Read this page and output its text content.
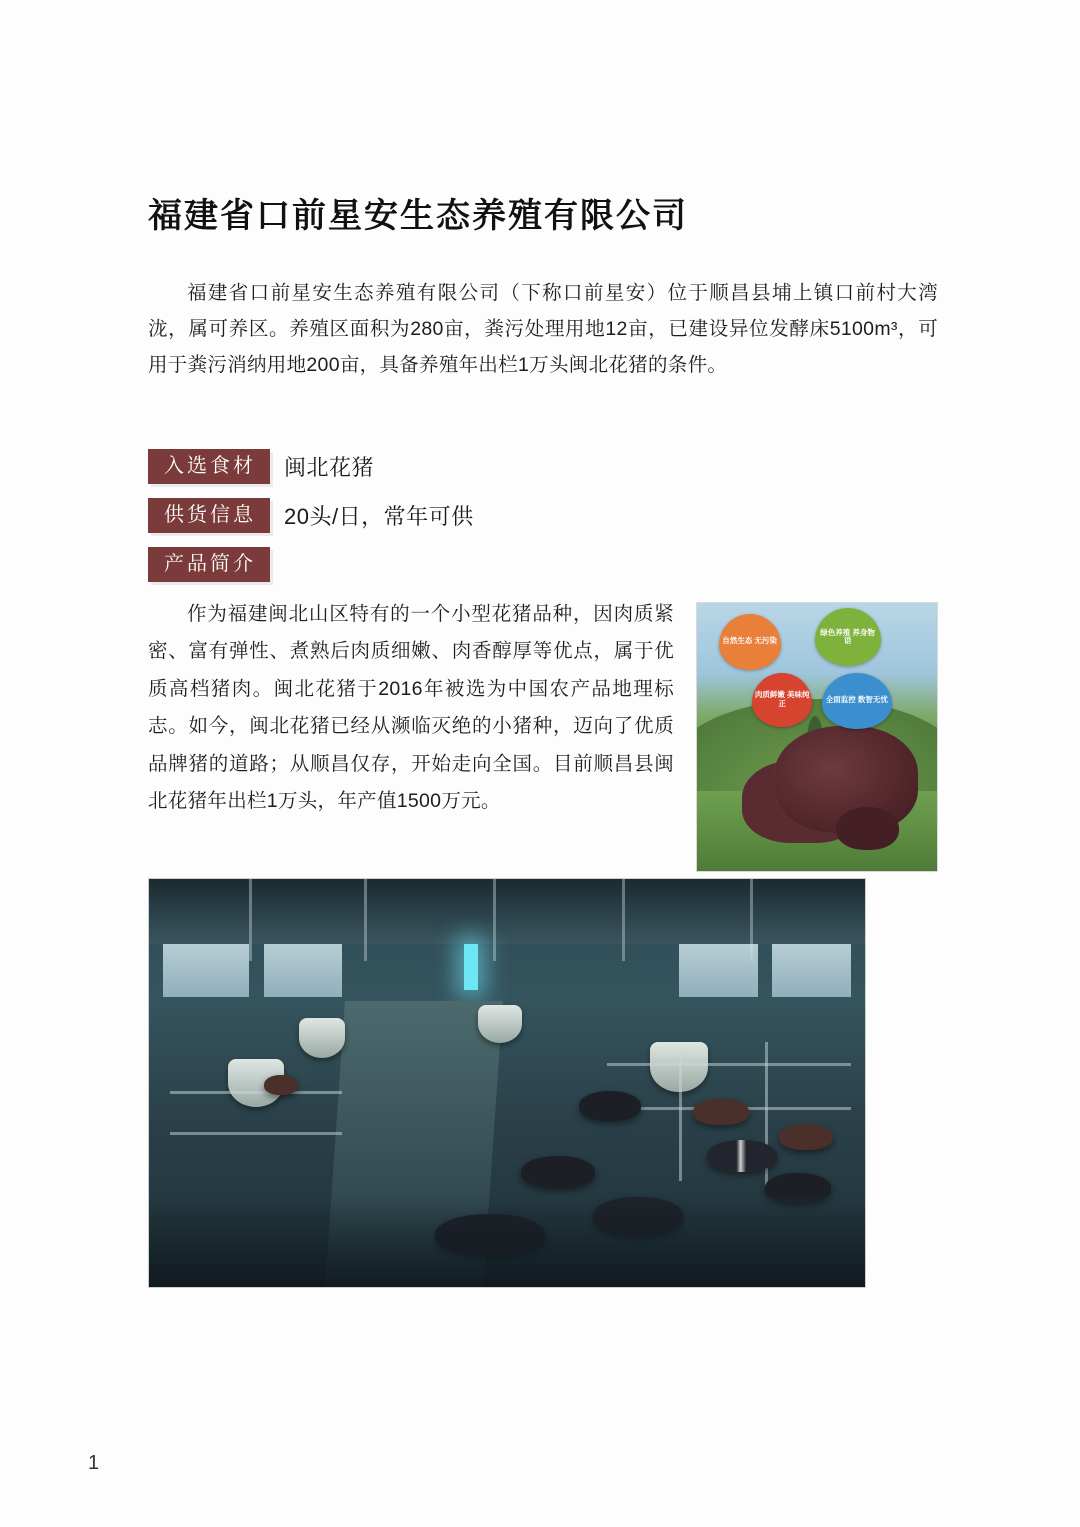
福建省口前星安生态养殖有限公司

福建省口前星安生态养殖有限公司（下称口前星安）位于顺昌县埔上镇口前村大湾泷，属可养区。养殖区面积为280亩，粪污处理用地12亩，已建设异位发酵床5100m³，可用于粪污消纳用地200亩，具备养殖年出栏1万头闽北花猪的条件。

入选食材	闽北花猪
供货信息	20头/日，常年可供
产品简介
自然生态 无污染
绿色养殖 养身物语
肉质鲜嫩 美味纯正	全面监控 数智无忧

作为福建闽北山区特有的一个小型花猪品种，因肉质紧密、富有弹性、煮熟后肉质细嫩、肉香醇厚等优点，属于优质高档猪肉。闽北花猪于2016年被选为中国农产品地理标志。如今，闽北花猪已经从濒临灭绝的小猪种，迈向了优质品牌猪的道路；从顺昌仅存，开始走向全国。目前顺昌县闽北花猪年出栏1万头，年产值1500万元。

1
